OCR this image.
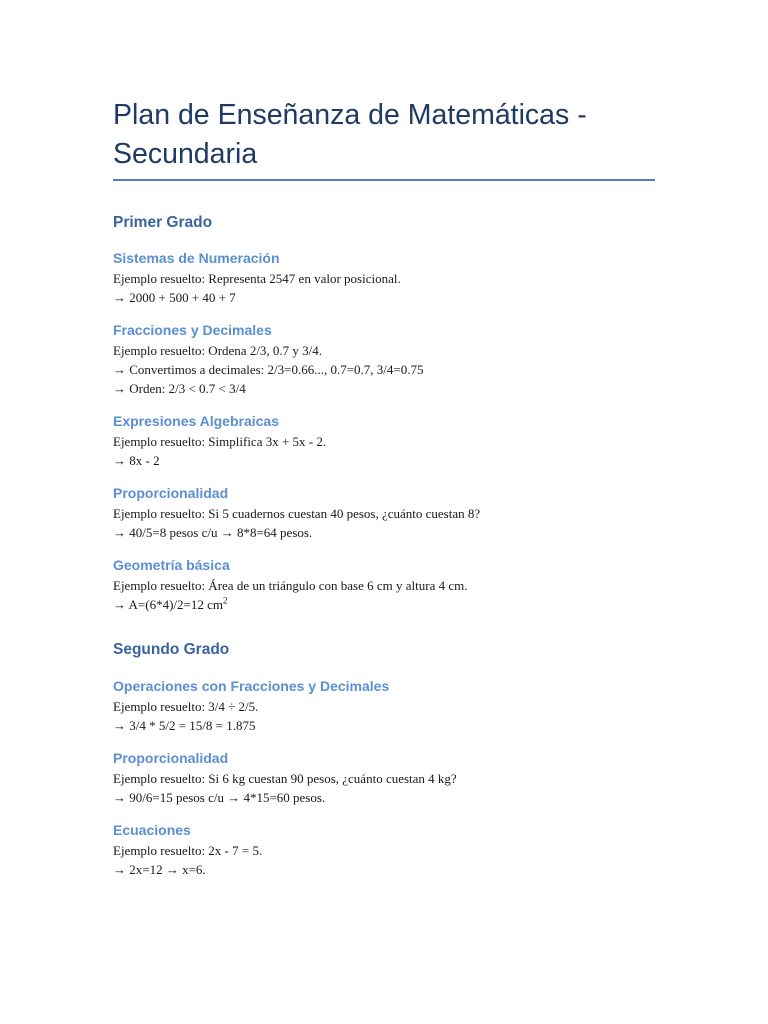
Plan de Enseñanza de Matemáticas - Secundaria
Primer Grado
Sistemas de Numeración

Ejemplo resuelto: Representa 2547 en valor posicional.

→ 2000 + 500 + 40 + 7

Fracciones y Decimales

Ejemplo resuelto: Ordena 2/3, 0.7 y 3/4.

→ Convertimos a decimales: 2/3=0.66..., 0.7=0.7, 3/4=0.75

→ Orden: 2/3 < 0.7 < 3/4

Expresiones Algebraicas

Ejemplo resuelto: Simplifica 3x + 5x - 2.

→ 8x - 2

Proporcionalidad

Ejemplo resuelto: Si 5 cuadernos cuestan 40 pesos, ¿cuánto cuestan 8?

→ 40/5=8 pesos c/u → 8*8=64 pesos.

Geometría básica

Ejemplo resuelto: Área de un triángulo con base 6 cm y altura 4 cm.

→ A=(6*4)/2=12 $cm^2$

Segundo Grado
Operaciones con Fracciones y Decimales

Ejemplo resuelto: 3/4 ÷ 2/5.

→ 3/4 * 5/2 = 15/8 = 1.875

Proporcionalidad

Ejemplo resuelto: Si 6 kg cuestan 90 pesos, ¿cuánto cuestan 4 kg?

→ 90/6=15 pesos c/u → 4*15=60 pesos.

Ecuaciones

Ejemplo resuelto: 2x - 7 = 5.

→ 2x=12 → x=6.
